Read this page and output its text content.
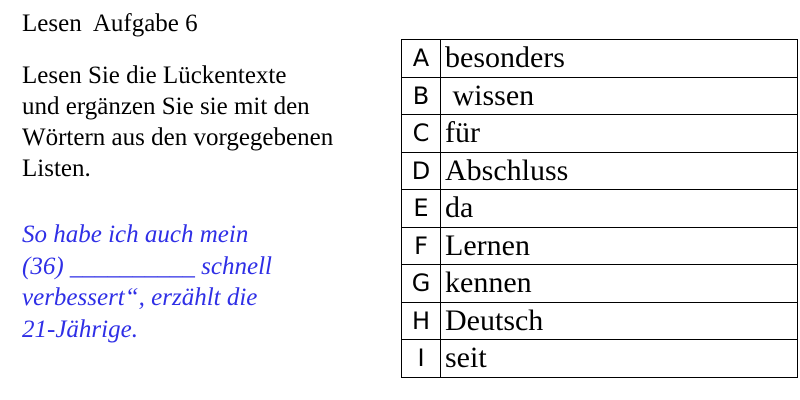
Lesen  Aufgabe 6
Lesen Sie die Lückentexte
und ergänzen Sie sie mit den
Wörtern aus den vorgegebenen
Listen.
So habe ich auch mein
(36) __________ schnell
verbessert“, erzählt die
21-Jährige.
A	besonders
B	wissen
C	für
D	Abschluss
E	da
F	Lernen
G	kennen
H	Deutsch
I	seit
